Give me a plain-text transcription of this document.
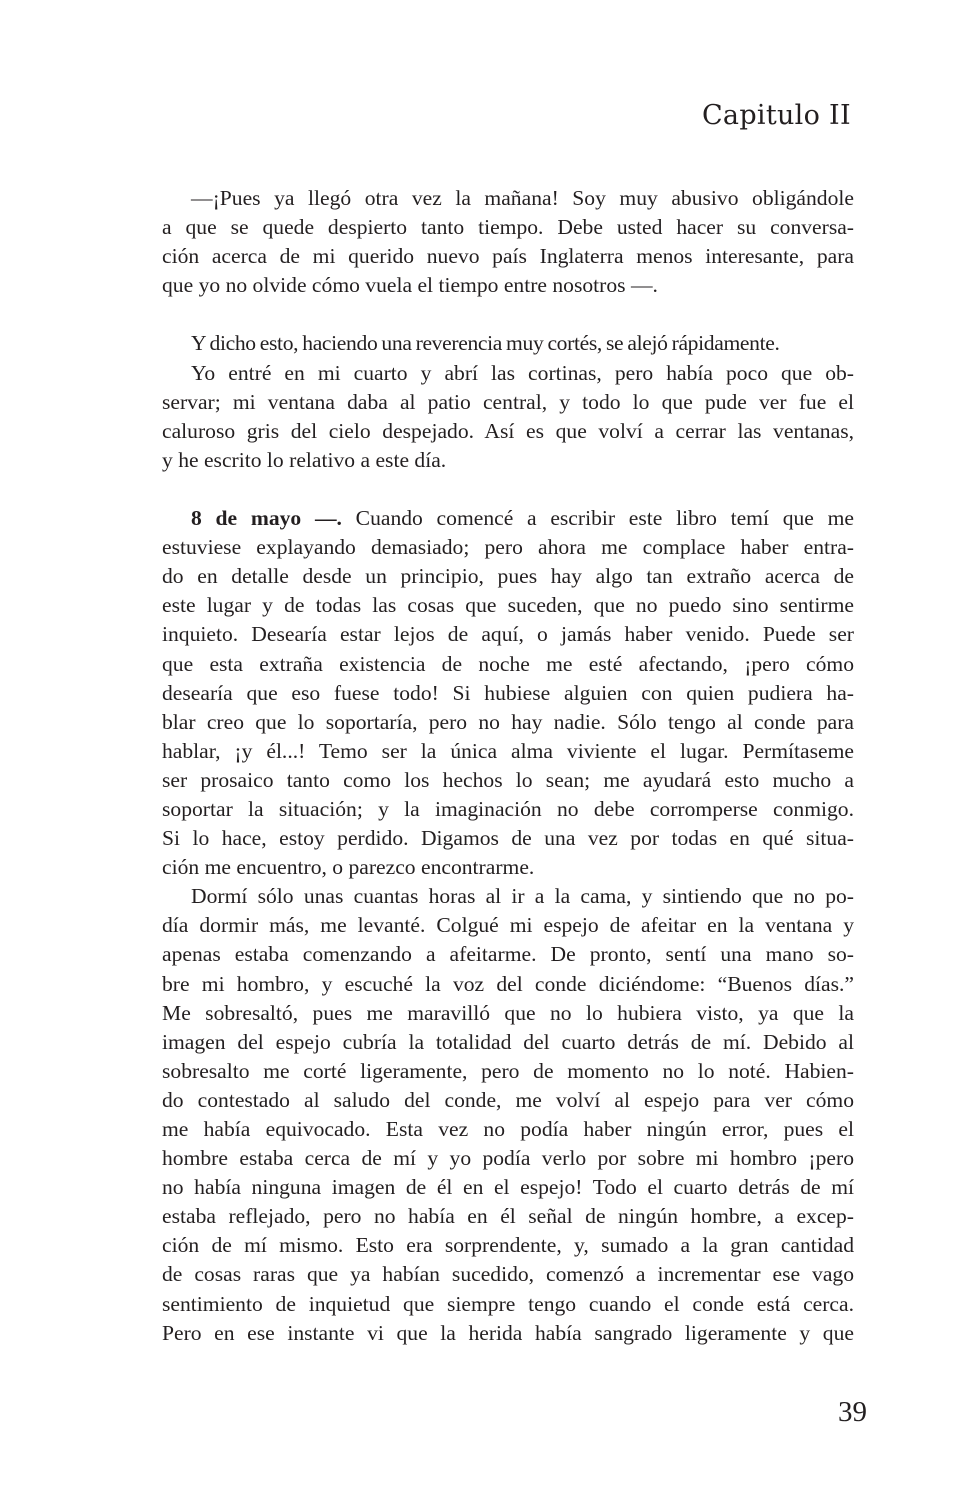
Capitulo II
—¡Pues ya llegó otra vez la mañana! Soy muy abusivo obligándole
a que se quede despierto tanto tiempo. Debe usted hacer su conversa-
ción acerca de mi querido nuevo país Inglaterra menos interesante, para
que yo no olvide cómo vuela el tiempo entre nosotros —.
Y dicho esto, haciendo una reverencia muy cortés, se alejó rápidamente.
Yo entré en mi cuarto y abrí las cortinas, pero había poco que ob-
servar; mi ventana daba al patio central, y todo lo que pude ver fue el
caluroso gris del cielo despejado. Así es que volví a cerrar las ventanas,
y he escrito lo relativo a este día.
8 de mayo —. Cuando comencé a escribir este libro temí que me
estuviese explayando demasiado; pero ahora me complace haber entra-
do en detalle desde un principio, pues hay algo tan extraño acerca de
este lugar y de todas las cosas que suceden, que no puedo sino sentirme
inquieto. Desearía estar lejos de aquí, o jamás haber venido. Puede ser
que esta extraña existencia de noche me esté afectando, ¡pero cómo
desearía que eso fuese todo! Si hubiese alguien con quien pudiera ha-
blar creo que lo soportaría, pero no hay nadie. Sólo tengo al conde para
hablar, ¡y él...! Temo ser la única alma viviente el lugar. Permítaseme
ser prosaico tanto como los hechos lo sean; me ayudará esto mucho a
soportar la situación; y la imaginación no debe corromperse conmigo.
Si lo hace, estoy perdido. Digamos de una vez por todas en qué situa-
ción me encuentro, o parezco encontrarme.
Dormí sólo unas cuantas horas al ir a la cama, y sintiendo que no po-
día dormir más, me levanté. Colgué mi espejo de afeitar en la ventana y
apenas estaba comenzando a afeitarme. De pronto, sentí una mano so-
bre mi hombro, y escuché la voz del conde diciéndome: “Buenos días.”
Me sobresaltó, pues me maravilló que no lo hubiera visto, ya que la
imagen del espejo cubría la totalidad del cuarto detrás de mí. Debido al
sobresalto me corté ligeramente, pero de momento no lo noté. Habien-
do contestado al saludo del conde, me volví al espejo para ver cómo
me había equivocado. Esta vez no podía haber ningún error, pues el
hombre estaba cerca de mí y yo podía verlo por sobre mi hombro ¡pero
no había ninguna imagen de él en el espejo! Todo el cuarto detrás de mí
estaba reflejado, pero no había en él señal de ningún hombre, a excep-
ción de mí mismo. Esto era sorprendente, y, sumado a la gran cantidad
de cosas raras que ya habían sucedido, comenzó a incrementar ese vago
sentimiento de inquietud que siempre tengo cuando el conde está cerca.
Pero en ese instante vi que la herida había sangrado ligeramente y que

39
